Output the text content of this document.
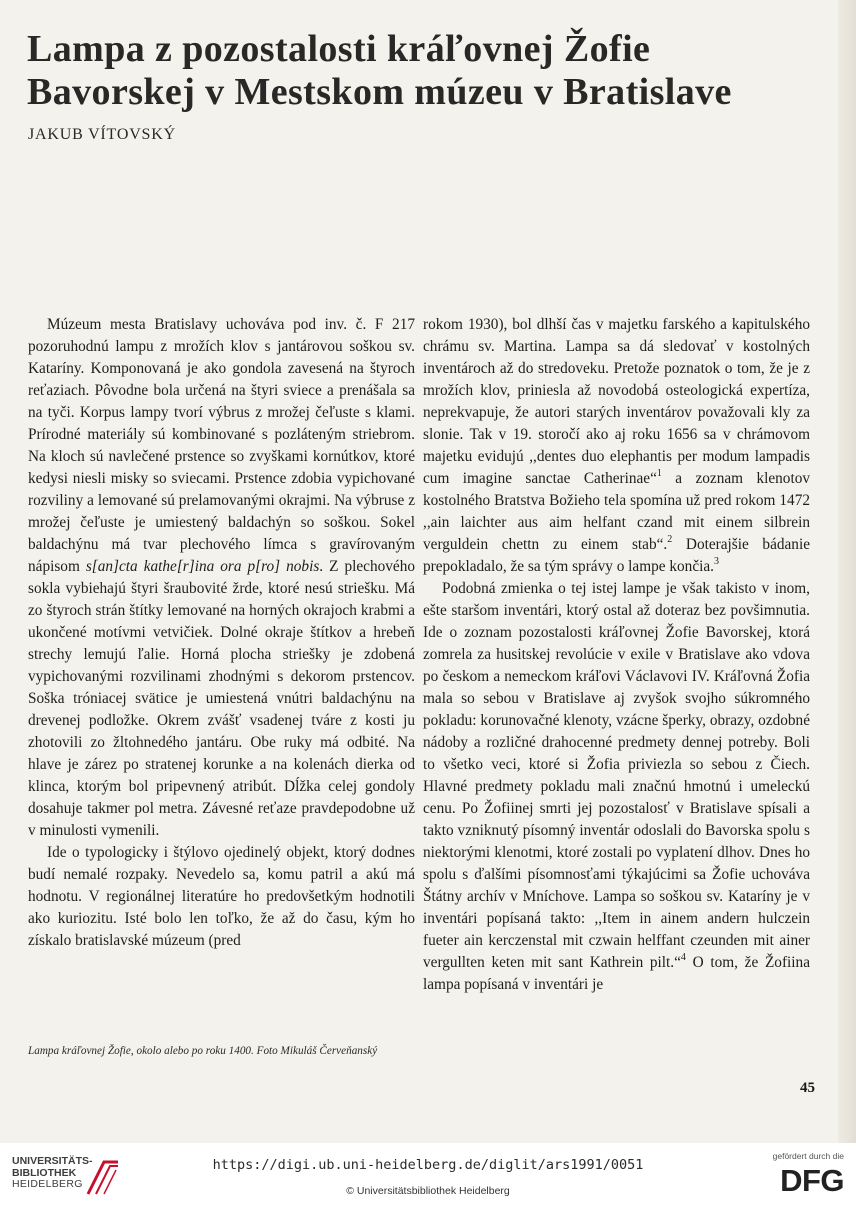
Lampa z pozostalosti kráľovnej Žofie
Bavorskej v Mestskom múzeu v Bratislave
JAKUB VÍTOVSKÝ

Múzeum mesta Bratislavy uchováva pod inv. č. F 217 pozoruhodnú lampu z mrožích klov s jantárovou soškou sv. Kataríny. Komponovaná je ako gondola zavesená na štyroch reťaziach. Pôvodne bola určená na štyri sviece a prenášala sa na tyči. Korpus lampy tvorí výbrus z mrožej čeľuste s klami. Prírodné materiály sú kombinované s pozláteným striebrom. Na kloch sú navlečené prstence so zvyškami kornútkov, ktoré kedysi niesli misky so sviecami. Prstence zdobia vypichované rozviliny a lemované sú prelamovanými okrajmi. Na výbruse z mrožej čeľuste je umiestený baldachýn so soškou. Sokel baldachýnu má tvar plechového límca s gravírovaným nápisom s[an]cta kathe[r]ina ora p[ro] nobis. Z plechového sokla vybiehajú štyri šraubovité žrde, ktoré nesú striešku. Má zo štyroch strán štítky lemované na horných okrajoch krabmi a ukončené motívmi vetvičiek. Dolné okraje štítkov a hrebeň strechy lemujú ľalie. Horná plocha striešky je zdobená vypichovanými rozvilinami zhodnými s dekorom prstencov. Soška tróniacej svätice je umiestená vnútri baldachýnu na drevenej podložke. Okrem zvášť vsadenej tváre z kosti ju zhotovili zo žltohnedého jantáru. Obe ruky má odbité. Na hlave je zárez po stratenej korunke a na kolenách dierka od klinca, ktorým bol pripevnený atribút. Dĺžka celej gondoly dosahuje takmer pol metra. Závesné reťaze pravdepodobne už v minulosti vymenili.

Ide o typologicky i štýlovo ojedinelý objekt, ktorý dodnes budí nemalé rozpaky. Nevedelo sa, komu patril a akú má hodnotu. V regionálnej literatúre ho predovšetkým hodnotili ako kuriozitu. Isté bolo len toľko, že až do času, kým ho získalo bratislavské múzeum (pred

rokom 1930), bol dlhší čas v majetku farského a kapitulského chrámu sv. Martina. Lampa sa dá sledovať v kostolných inventároch až do stredoveku. Pretože poznatok o tom, že je z mrožích klov, priniesla až novodobá osteologická expertíza, neprekvapuje, že autori starých inventárov považovali kly za slonie. Tak v 19. storočí ako aj roku 1656 sa v chrámovom majetku evidujú ,,dentes duo elephantis per modum lampadis cum imagine sanctae Catherinae“$^1$ a zoznam klenotov kostolného Bratstva Božieho tela spomína už pred rokom 1472 ,,ain laichter aus aim helfant czand mit einem silbrein verguldein chettn zu einem stab“.$^2$ Doterajšie bádanie prepokladalo, že sa tým správy o lampe končia.$^3$

Podobná zmienka o tej istej lampe je však takisto v inom, ešte staršom inventári, ktorý ostal až doteraz bez povšimnutia. Ide o zoznam pozostalosti kráľovnej Žofie Bavorskej, ktorá zomrela za husitskej revolúcie v exile v Bratislave ako vdova po českom a nemeckom kráľovi Václavovi IV. Kráľovná Žofia mala so sebou v Bratislave aj zvyšok svojho súkromného pokladu: korunovačné klenoty, vzácne šperky, obrazy, ozdobné nádoby a rozličné drahocenné predmety dennej potreby. Boli to všetko veci, ktoré si Žofia priviezla so sebou z Čiech. Hlavné predmety pokladu mali značnú hmotnú i umeleckú cenu. Po Žofiinej smrti jej pozostalosť v Bratislave spísali a takto vzniknutý písomný inventár odoslali do Bavorska spolu s niektorými klenotmi, ktoré zostali po vyplatení dlhov. Dnes ho spolu s ďalšími písomnosťami týkajúcimi sa Žofie uchováva Štátny archív v Mníchove. Lampa so soškou sv. Kataríny je v inventári popísaná takto: ,,Item in ainem andern hulczein fueter ain kerczenstal mit czwain helffant czeunden mit ainer vergullten keten mit sant Kathrein pilt.“$^4$ O tom, že Žofiina lampa popísaná v inventári je

Lampa kráľovnej Žofie, okolo alebo po roku 1400. Foto Mikuláš Červeňanský
45
UNIVERSITÄTS-
BIBLIOTHEK
HEIDELBERG
https://digi.ub.uni-heidelberg.de/diglit/ars1991/0051
© Universitätsbibliothek Heidelberg
gefördert durch die
DFG
